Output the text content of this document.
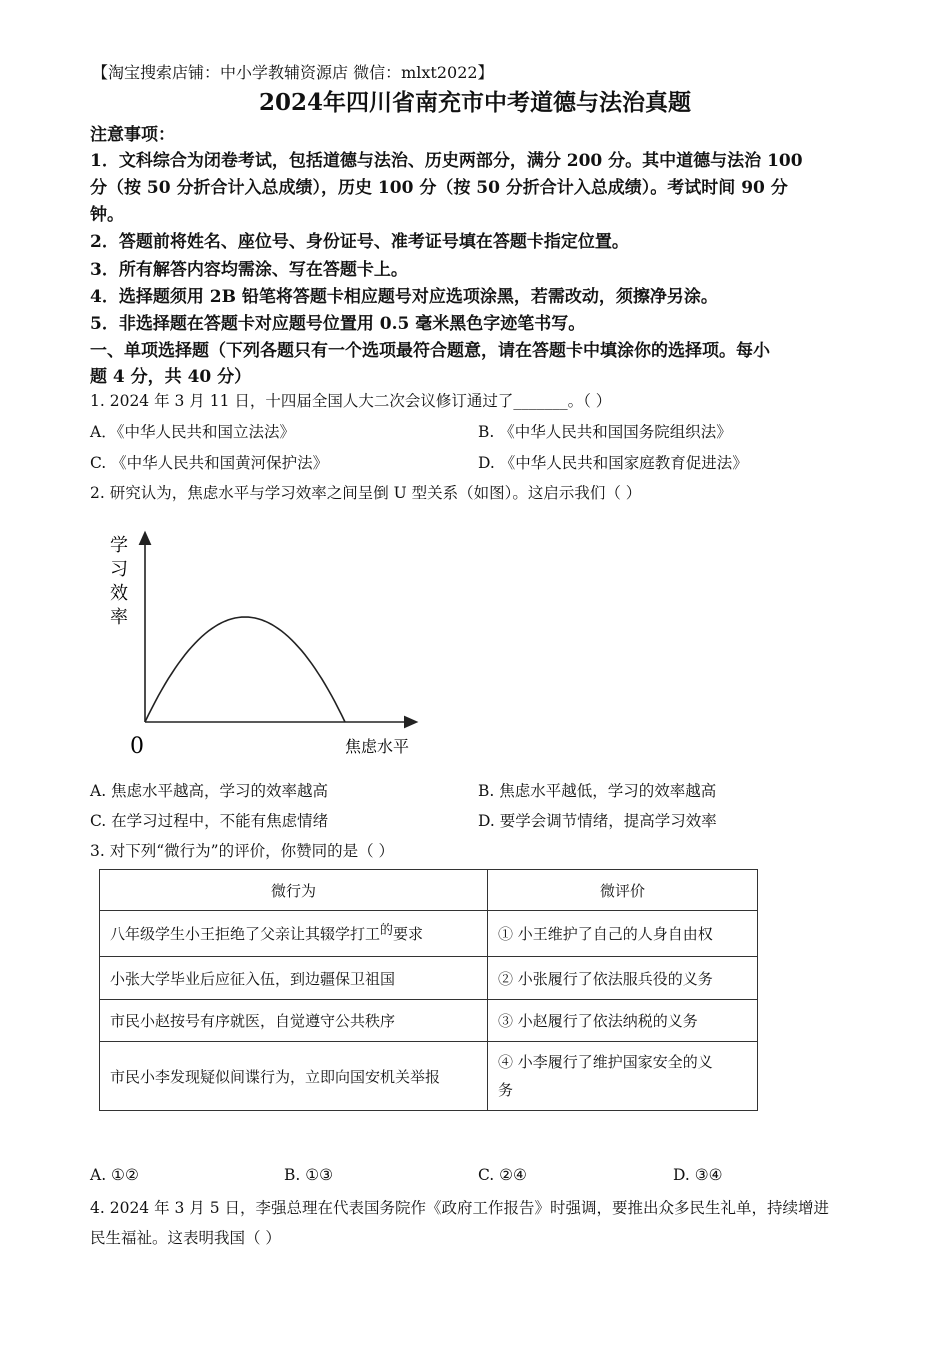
【淘宝搜索店铺：中小学教辅资源店 微信：mlxt2022】
2024年四川省南充市中考道德与法治真题
注意事项：
1．文科综合为闭卷考试，包括道德与法治、历史两部分，满分 200 分。其中道德与法治 100
分（按 50 分折合计入总成绩），历史 100 分（按 50 分折合计入总成绩）。考试时间 90 分
钟。
2．答题前将姓名、座位号、身份证号、准考证号填在答题卡指定位置。
3．所有解答内容均需涂、写在答题卡上。
4．选择题须用 2B 铅笔将答题卡相应题号对应选项涂黑，若需改动，须擦净另涂。
5．非选择题在答题卡对应题号位置用 0.5 毫米黑色字迹笔书写。
一、单项选择题（下列各题只有一个选项最符合题意，请在答题卡中填涂你的选择项。每小
题 4 分，共 40 分）
1. 2024 年 3 月 11 日，十四届全国人大二次会议修订通过了_______。（ ）
A．《中华人民共和国立法法》	B. 《中华人民共和国国务院组织法》
C. 《中华人民共和国黄河保护法》	D. 《中华人民共和国家庭教育促进法》
2. 研究认为，焦虑水平与学习效率之间呈倒 U 型关系（如图）。这启示我们（ ）
学
习
效
率
0	焦虑水平
A. 焦虑水平越高，学习的效率越高	B. 焦虑水平越低，学习的效率越高
C. 在学习过程中，不能有焦虑情绪	D. 要学会调节情绪，提高学习效率
3. 对下列“微行为”的评价，你赞同的是（ ）
微行为	微评价
八年级学生小王拒绝了父亲让其辍学打工的要求	① 小王维护了自己的人身自由权
小张大学毕业后应征入伍，到边疆保卫祖国	② 小张履行了依法服兵役的义务
市民小赵按号有序就医，自觉遵守公共秩序	③ 小赵履行了依法纳税的义务
市民小李发现疑似间谍行为，立即向国安机关举报	④ 小李履行了维护国家安全的义
务
A. ①②	B. ①③	C. ②④	D. ③④
4. 2024 年 3 月 5 日，李强总理在代表国务院作《政府工作报告》时强调，要推出众多民生礼单，持续增进
民生福祉。这表明我国（ ）
